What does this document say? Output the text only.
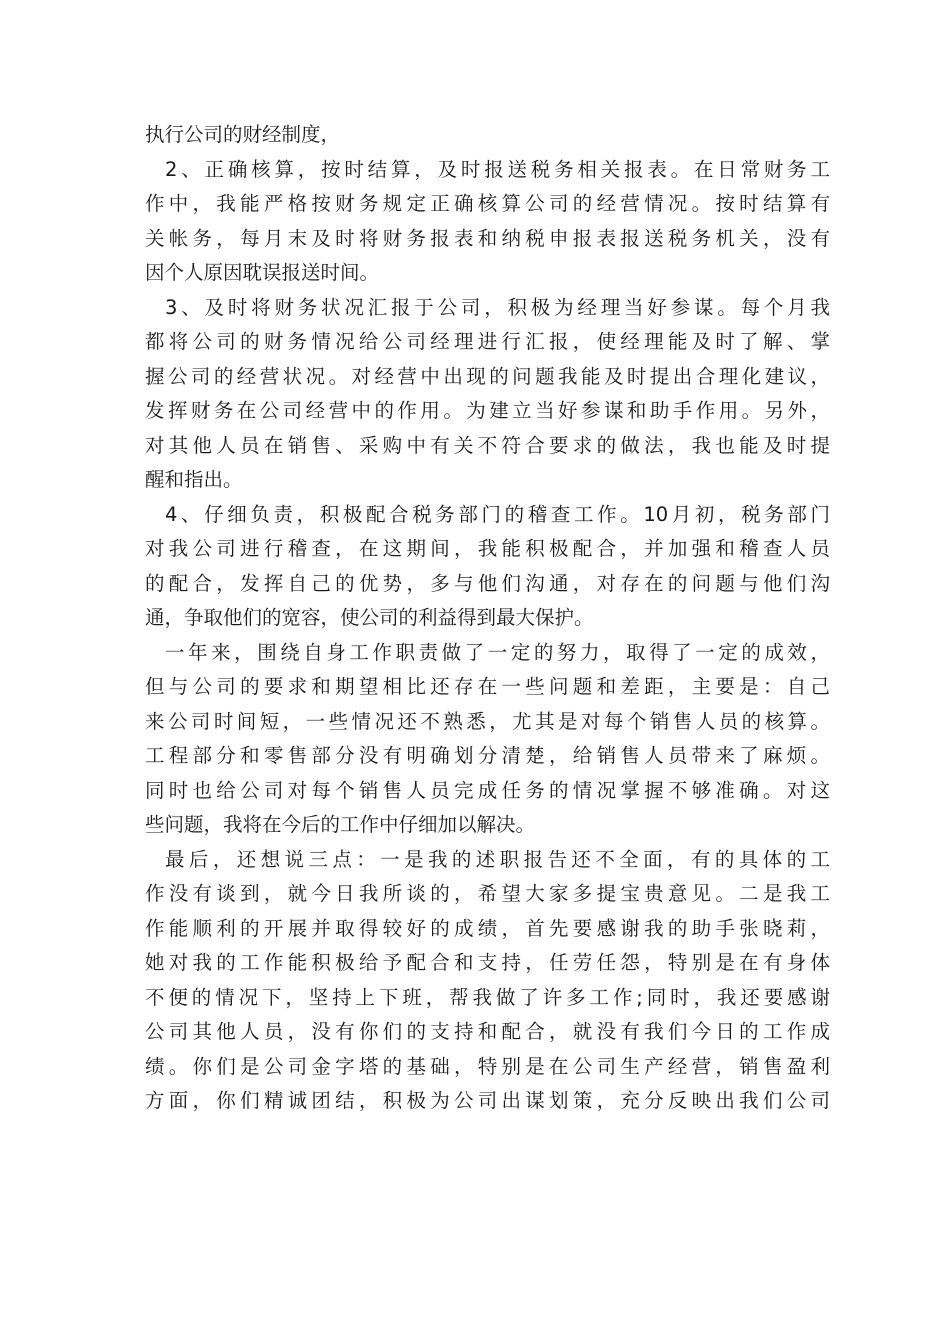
执行公司的财经制度，
2、正确核算，按时结算，及时报送税务相关报表。在日常财务工
作中，我能严格按财务规定正确核算公司的经营情况。按时结算有
关帐务，每月末及时将财务报表和纳税申报表报送税务机关，没有
因个人原因耽误报送时间。
3、及时将财务状况汇报于公司，积极为经理当好参谋。每个月我
都将公司的财务情况给公司经理进行汇报，使经理能及时了解、掌
握公司的经营状况。对经营中出现的问题我能及时提出合理化建议，
发挥财务在公司经营中的作用。为建立当好参谋和助手作用。另外，
对其他人员在销售、采购中有关不符合要求的做法，我也能及时提
醒和指出。
4、仔细负责，积极配合税务部门的稽查工作。10月初，税务部门
对我公司进行稽查，在这期间，我能积极配合，并加强和稽查人员
的配合，发挥自己的优势，多与他们沟通，对存在的问题与他们沟
通，争取他们的宽容，使公司的利益得到最大保护。
一年来，围绕自身工作职责做了一定的努力，取得了一定的成效，
但与公司的要求和期望相比还存在一些问题和差距，主要是：自己
来公司时间短，一些情况还不熟悉，尤其是对每个销售人员的核算。
工程部分和零售部分没有明确划分清楚，给销售人员带来了麻烦。
同时也给公司对每个销售人员完成任务的情况掌握不够准确。对这
些问题，我将在今后的工作中仔细加以解决。
最后，还想说三点：一是我的述职报告还不全面，有的具体的工
作没有谈到，就今日我所谈的，希望大家多提宝贵意见。二是我工
作能顺利的开展并取得较好的成绩，首先要感谢我的助手张晓莉，
她对我的工作能积极给予配合和支持，任劳任怨，特别是在有身体
不便的情况下，坚持上下班，帮我做了许多工作;同时，我还要感谢
公司其他人员，没有你们的支持和配合，就没有我们今日的工作成
绩。你们是公司金字塔的基础，特别是在公司生产经营，销售盈利
方面，你们精诚团结，积极为公司出谋划策，充分反映出我们公司
